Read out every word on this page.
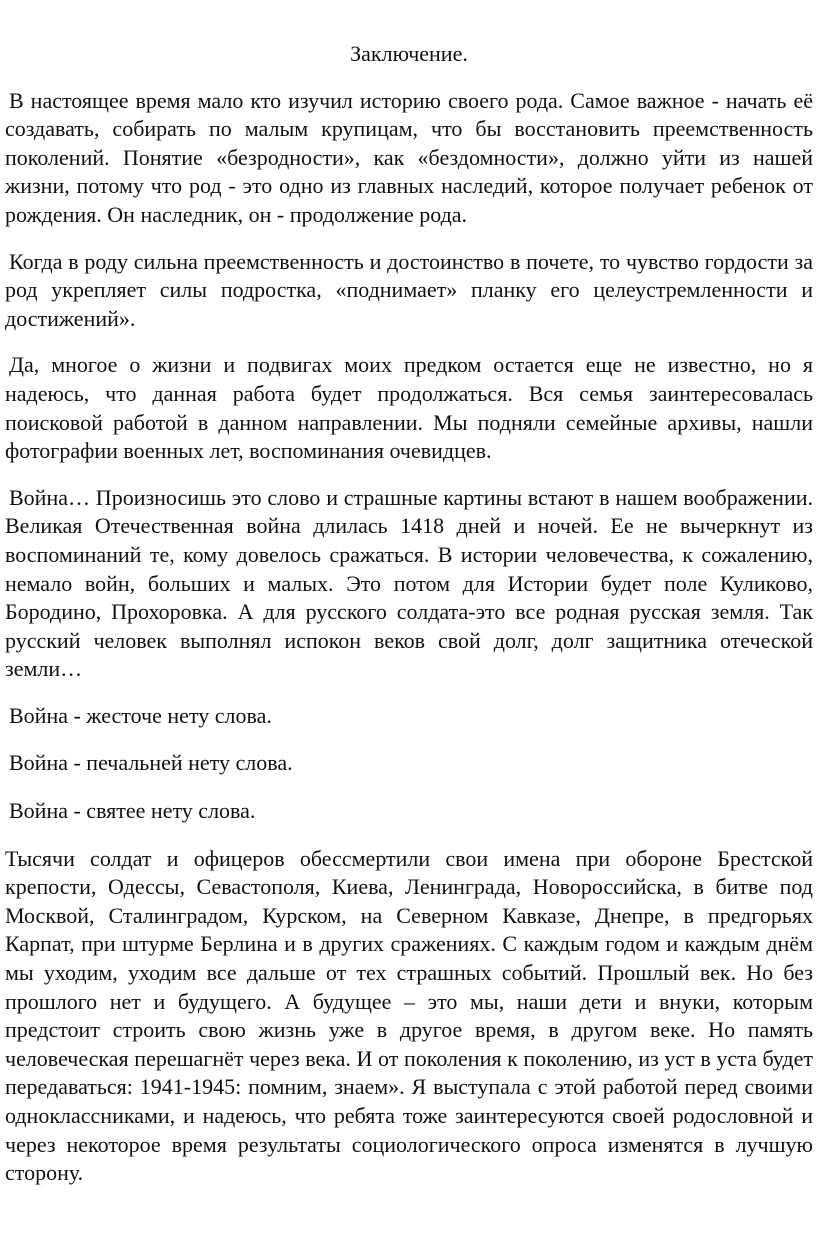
Заключение.

В настоящее время мало кто изучил историю своего рода. Самое важное - начать её создавать, собирать по малым крупицам, что бы восстановить преемственность поколений. Понятие «безродности», как «бездомности», должно уйти из нашей жизни, потому что род - это одно из главных наследий, которое получает ребенок от рождения. Он наследник, он - продолжение рода.

Когда в роду сильна преемственность и достоинство в почете, то чувство гордости за род укрепляет силы подростка, «поднимает» планку его целеустремленности и достижений».

Да, многое о жизни и подвигах моих предком остается еще не известно, но я надеюсь, что данная работа будет продолжаться. Вся семья заинтересовалась поисковой работой в данном направлении. Мы подняли семейные архивы, нашли фотографии военных лет, воспоминания очевидцев.

Война… Произносишь это слово и страшные картины встают в нашем воображении. Великая Отечественная война длилась 1418 дней и ночей. Ее не вычеркнут из воспоминаний те, кому довелось сражаться. В истории человечества, к сожалению, немало войн, больших и малых. Это потом для Истории будет поле Куликово, Бородино, Прохоровка. А для русского солдата-это все родная русская земля. Так русский человек выполнял испокон веков свой долг, долг защитника отеческой земли…

Война - жесточе нету слова.

Война - печальней нету слова.

Война - святее нету слова.

Тысячи солдат и офицеров обессмертили свои имена при обороне Брестской крепости, Одессы, Севастополя, Киева, Ленинграда, Новороссийска, в битве под Москвой, Сталинградом, Курском, на Северном Кавказе, Днепре, в предгорьях Карпат, при штурме Берлина и в других сражениях. С каждым годом и каждым днём мы уходим, уходим все дальше от тех страшных событий. Прошлый век. Но без прошлого нет и будущего. А будущее – это мы, наши дети и внуки, которым предстоит строить свою жизнь уже в другое время, в другом веке. Но память человеческая перешагнёт через века. И от поколения к поколению, из уст в уста будет передаваться: 1941-1945: помним, знаем». Я выступала с этой работой перед своими одноклассниками, и надеюсь, что ребята тоже заинтересуются своей родословной и через некоторое время результаты социологического опроса изменятся в лучшую сторону.
